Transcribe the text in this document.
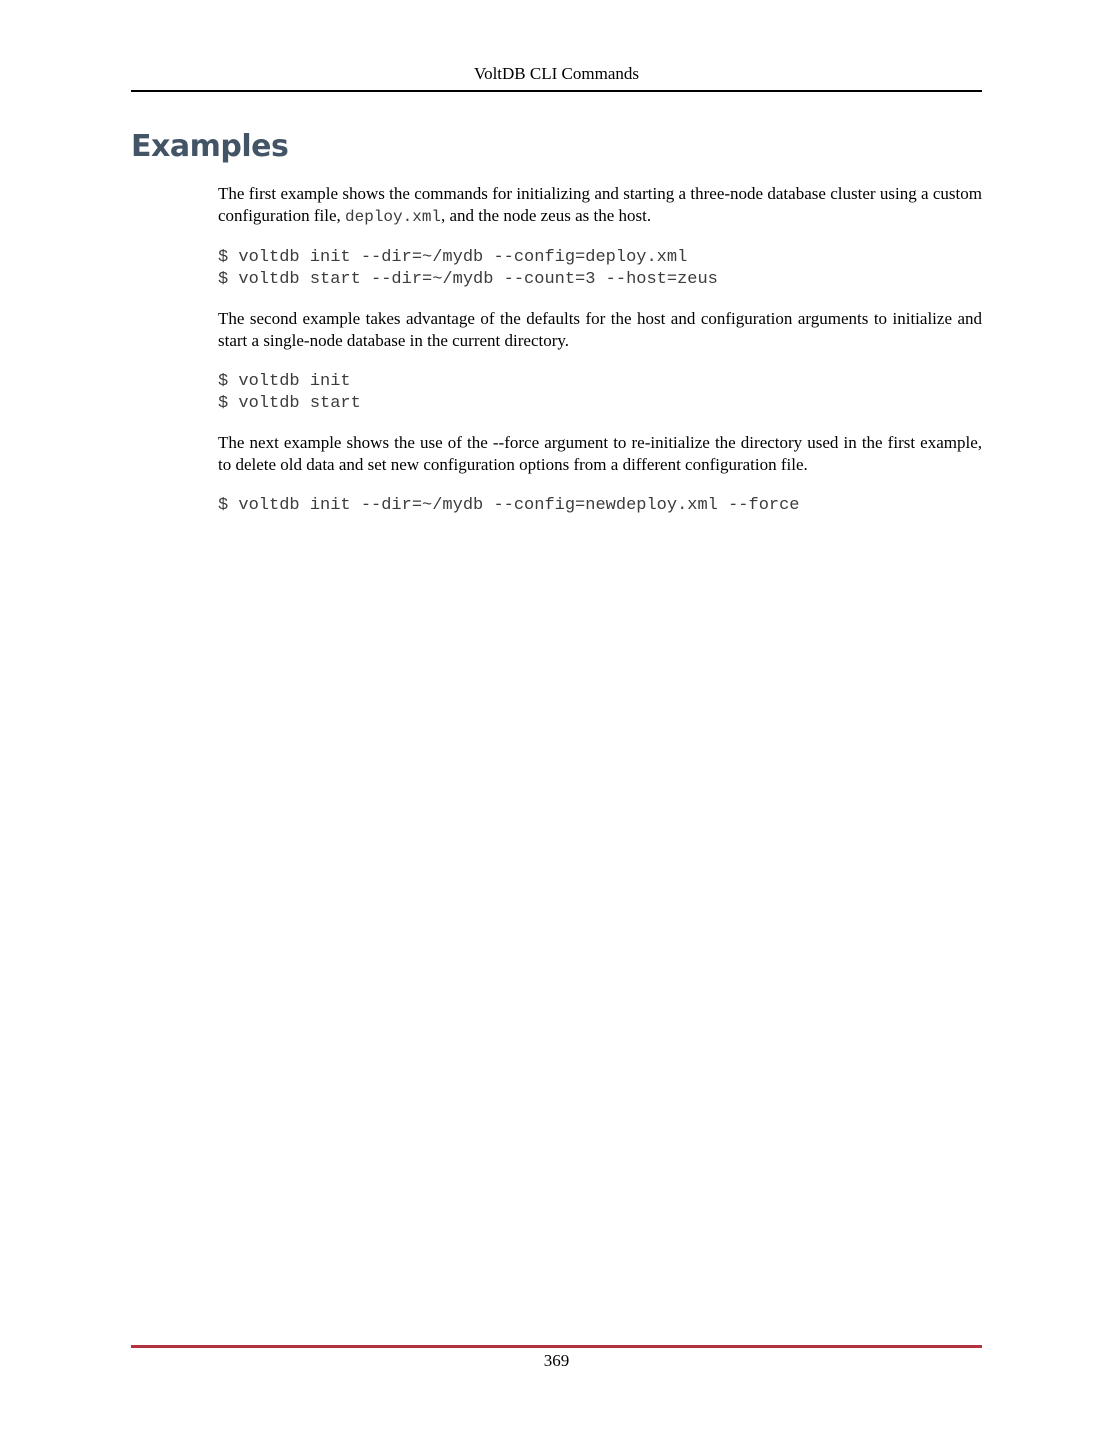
VoltDB CLI Commands
Examples

The first example shows the commands for initializing and starting a three-node database cluster using a custom configuration file, deploy.xml, and the node zeus as the host.

$ voltdb init --dir=~/mydb --config=deploy.xml
$ voltdb start --dir=~/mydb --count=3 --host=zeus

The second example takes advantage of the defaults for the host and configuration arguments to initialize and start a single-node database in the current directory.

$ voltdb init
$ voltdb start

The next example shows the use of the --force argument to re-initialize the directory used in the first example, to delete old data and set new configuration options from a different configuration file.

$ voltdb init --dir=~/mydb --config=newdeploy.xml --force
369
